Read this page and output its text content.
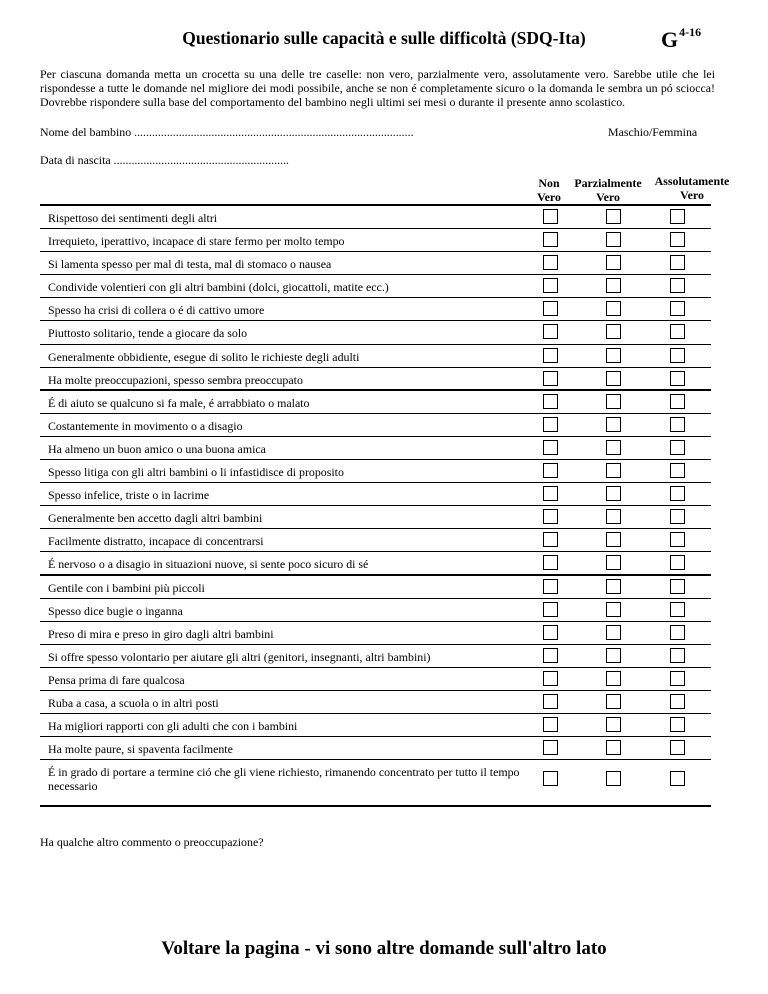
Questionario sulle capacità e sulle difficoltà (SDQ-Ita)	$G^{4-16}$
Per ciascuna domanda metta un crocetta su una delle tre caselle: non vero, parzialmente vero, assolutamente vero. Sarebbe utile che lei rispondesse a tutte le domande nel migliore dei modi possibile, anche se non é completamente sicuro o la domanda le sembra un pó sciocca! Dovrebbe rispondere sulla base del comportamento del bambino negli ultimi sei mesi o durante il presente anno scolastico.
Nome del bambino ..............................................................................................	Maschio/Femmina
Data di nascita ...........................................................
Non
Vero
Parzialmente
Vero
Assolutamente
Vero
Rispettoso dei sentimenti degli altri
Irrequieto, iperattivo, incapace di stare fermo per molto tempo
Si lamenta spesso per mal di testa, mal di stomaco o nausea
Condivide volentieri con gli altri bambini (dolci, giocattoli, matite ecc.)
Spesso ha crisi di collera o é di cattivo umore
Piuttosto solitario, tende a giocare da solo
Generalmente obbidiente, esegue di solito le richieste degli adulti
Ha molte preoccupazioni, spesso sembra preoccupato
É di aiuto se qualcuno si fa male, é arrabbiato o malato
Costantemente in movimento o a disagio
Ha almeno un buon amico o una buona amica
Spesso litiga con gli altri bambini o li infastidisce di proposito
Spesso infelice, triste o in lacrime
Generalmente ben accetto dagli altri bambini
Facilmente distratto, incapace di concentrarsi
É nervoso o a disagio in situazioni nuove, si sente poco sicuro di sé
Gentile con i bambini più piccoli
Spesso dice bugie o inganna
Preso di mira e preso in giro dagli altri bambini
Si offre spesso volontario per aiutare gli altri (genitori, insegnanti, altri bambini)
Pensa prima di fare qualcosa
Ruba a casa, a scuola o in altri posti
Ha migliori rapporti con gli adulti che con i bambini
Ha molte paure, si spaventa facilmente
É in grado di portare a termine ció che gli viene richiesto, rimanendo concentrato per tutto il tempo necessario
Ha qualche altro commento o preoccupazione?
Voltare la pagina - vi sono altre domande sull'altro lato
